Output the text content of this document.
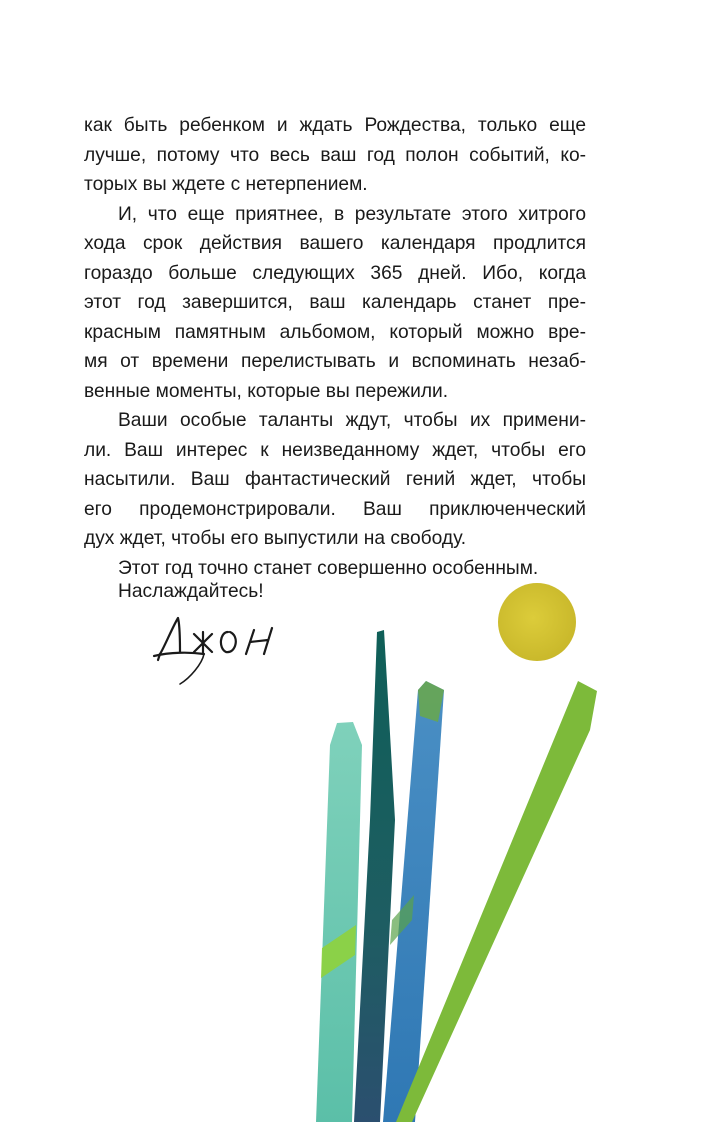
как быть ребенком и ждать Рождества, только еще
лучше, потому что весь ваш год полон событий, ко-
торых вы ждете с нетерпением.
И, что еще приятнее, в результате этого хитрого
хода срок действия вашего календаря продлится
гораздо больше следующих 365 дней. Ибо, когда
этот год завершится, ваш календарь станет пре-
красным памятным альбомом, который можно вре-
мя от времени перелистывать и вспоминать незаб-
венные моменты, которые вы пережили.
Ваши особые таланты ждут, чтобы их примени-
ли. Ваш интерес к неизведанному ждет, чтобы его
насытили. Ваш фантастический гений ждет, чтобы
его продемонстрировали. Ваш приключенческий
дух ждет, чтобы его выпустили на свободу.
Этот год точно станет совершенно особенным.
Наслаждайтесь!
